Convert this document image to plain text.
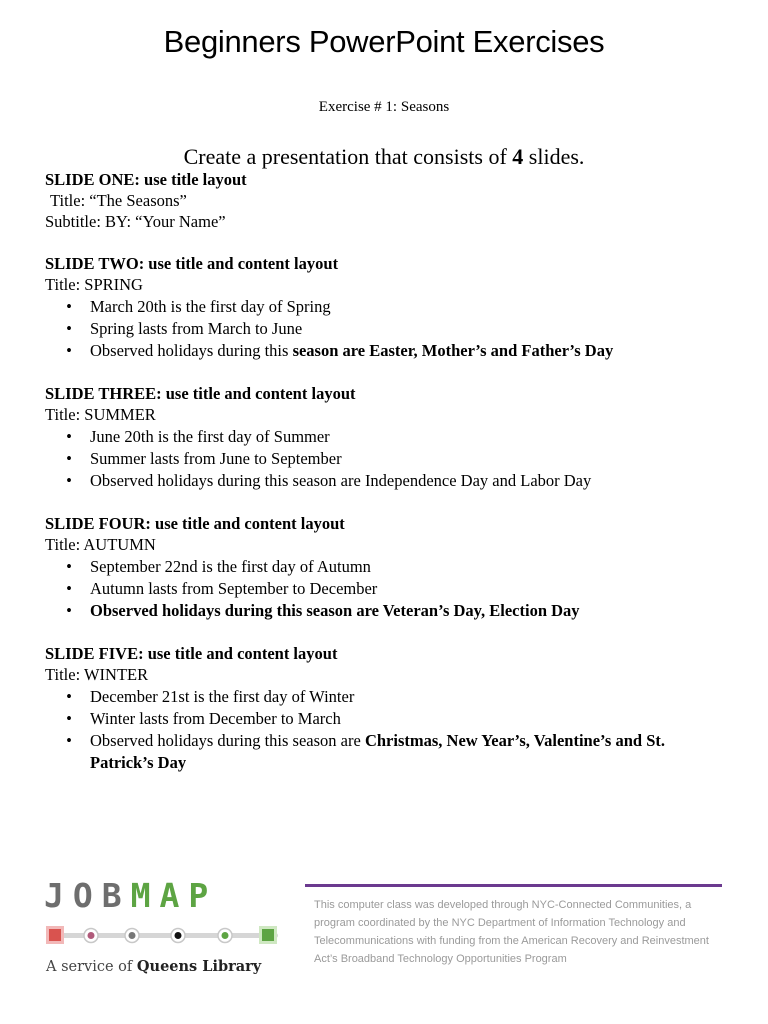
Beginners PowerPoint Exercises
Exercise # 1: Seasons
Create a presentation that consists of 4 slides.
SLIDE ONE: use title layout
Title: “The Seasons”
Subtitle: BY: “Your Name”
SLIDE TWO: use title and content layout
Title: SPRING
• March 20th is the first day of Spring
• Spring lasts from March to June
• Observed holidays during this season are Easter, Mother’s and Father’s Day
SLIDE THREE: use title and content layout
Title: SUMMER
• June 20th is the first day of Summer
• Summer lasts from June to September
• Observed holidays during this season are Independence Day and Labor Day
SLIDE FOUR: use title and content layout
Title: AUTUMN
• September 22nd is the first day of Autumn
• Autumn lasts from September to December
• Observed holidays during this season are Veteran’s Day, Election Day
SLIDE FIVE: use title and content layout
Title: WINTER
• December 21st is the first day of Winter
• Winter lasts from December to March
• Observed holidays during this season are Christmas, New Year’s, Valentine’s and St. Patrick’s Day
JOBMAP
A service of Queens Library
This computer class was developed through NYC-Connected Communities, a program coordinated by the NYC Department of Information Technology and Telecommunications with funding from the American Recovery and Reinvestment Act’s Broadband Technology Opportunities Program
